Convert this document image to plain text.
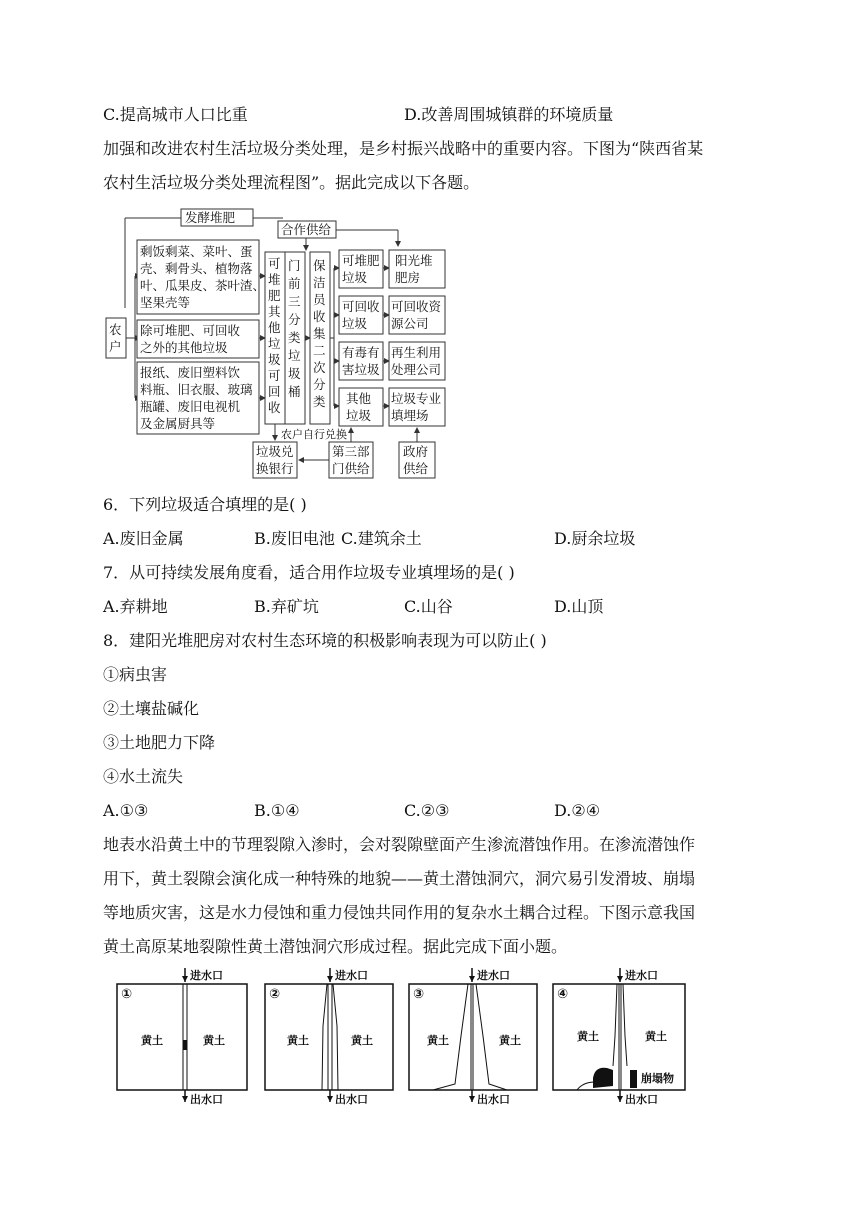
C.提高城市人口比重	D.改善周围城镇群的环境质量
加强和改进农村生活垃圾分类处理，是乡村振兴战略中的重要内容。下图为“陕西省某
农村生活垃圾分类处理流程图”。据此完成以下各题。
发酵堆肥
合作供给
农
户
剩饭剩菜、菜叶、蛋
壳、剩骨头、植物落
叶、瓜果皮、茶叶渣、
坚果壳等
除可堆肥、可回收
之外的其他垃圾
报纸、废旧塑料饮
料瓶、旧衣服、玻璃
瓶罐、废旧电视机
及金属厨具等
可
堆
肥
其
他
垃
圾
可
回
收
门
前
三
分
类
垃
圾
桶
保
洁
员
收
集
二
次
分
类
可堆肥
垃圾
可回收
垃圾
有毒有
害垃圾
其他
垃圾
阳光堆
肥房
可回收资
源公司
再生利用
处理公司
垃圾专业
填埋场
农户自行兑换
垃圾兑
换银行
第三部
门供给
政府
供给
6．下列垃圾适合填埋的是( )
A.废旧金属	B.废旧电池 C.建筑余土	D.厨余垃圾
7．从可持续发展角度看，适合用作垃圾专业填埋场的是( )
A.弃耕地	B.弃矿坑	C.山谷	D.山顶
8．建阳光堆肥房对农村生态环境的积极影响表现为可以防止( )
①病虫害
②土壤盐碱化
③土地肥力下降
④水土流失
A.①③	B.①④	C.②③	D.②④
地表水沿黄土中的节理裂隙入渗时，会对裂隙壁面产生渗流潜蚀作用。在渗流潜蚀作
用下，黄土裂隙会演化成一种特殊的地貌——黄土潜蚀洞穴，洞穴易引发滑坡、崩塌
等地质灾害，这是水力侵蚀和重力侵蚀共同作用的复杂水土耦合过程。下图示意我国
黄土高原某地裂隙性黄土潜蚀洞穴形成过程。据此完成下面小题。
进水口
①
黄土	黄土
出水口
进水口
②
黄土	黄土
出水口
进水口
③
黄土	黄土
出水口
进水口
④
黄土	黄土
崩塌物
出水口
